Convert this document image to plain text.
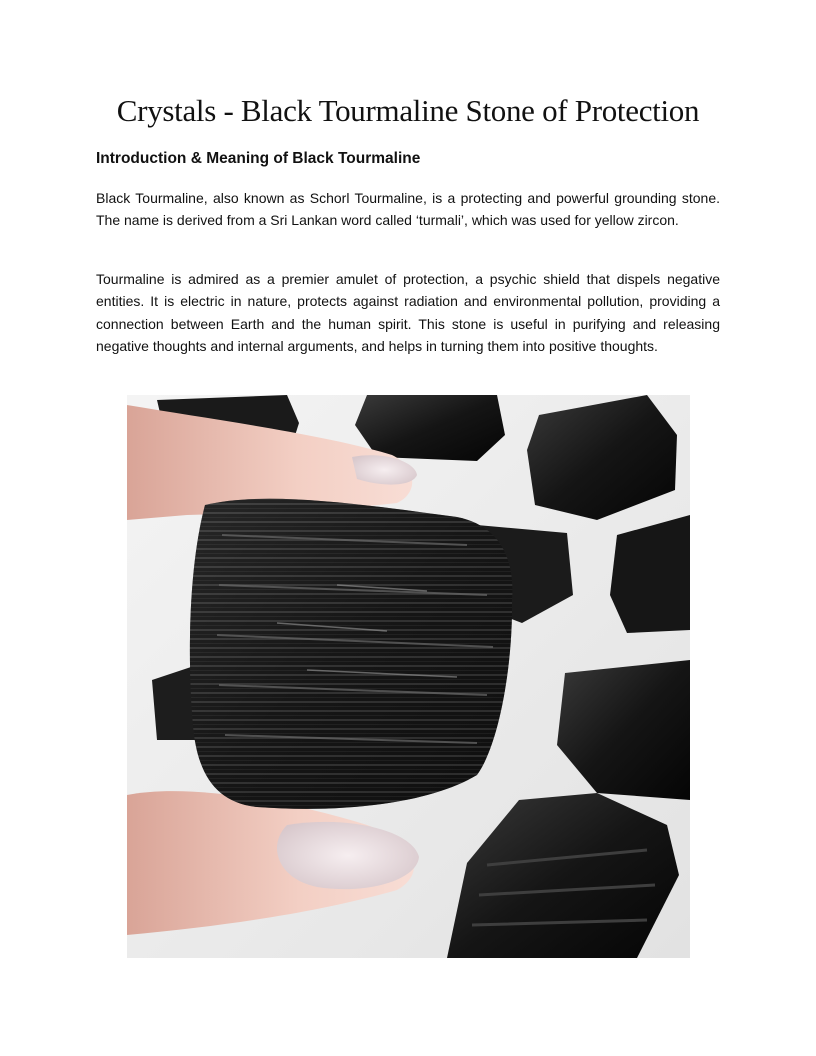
Crystals - Black Tourmaline Stone of Protection
Introduction & Meaning of Black Tourmaline

Black Tourmaline, also known as Schorl Tourmaline, is a protecting and powerful grounding stone. The name is derived from a Sri Lankan word called ‘turmali’, which was used for yellow zircon.

Tourmaline is admired as a premier amulet of protection, a psychic shield that dispels negative entities. It is electric in nature, protects against radiation and environmental pollution, providing a connection between Earth and the human spirit. This stone is useful in purifying and releasing negative thoughts and internal arguments, and helps in turning them into positive thoughts.
